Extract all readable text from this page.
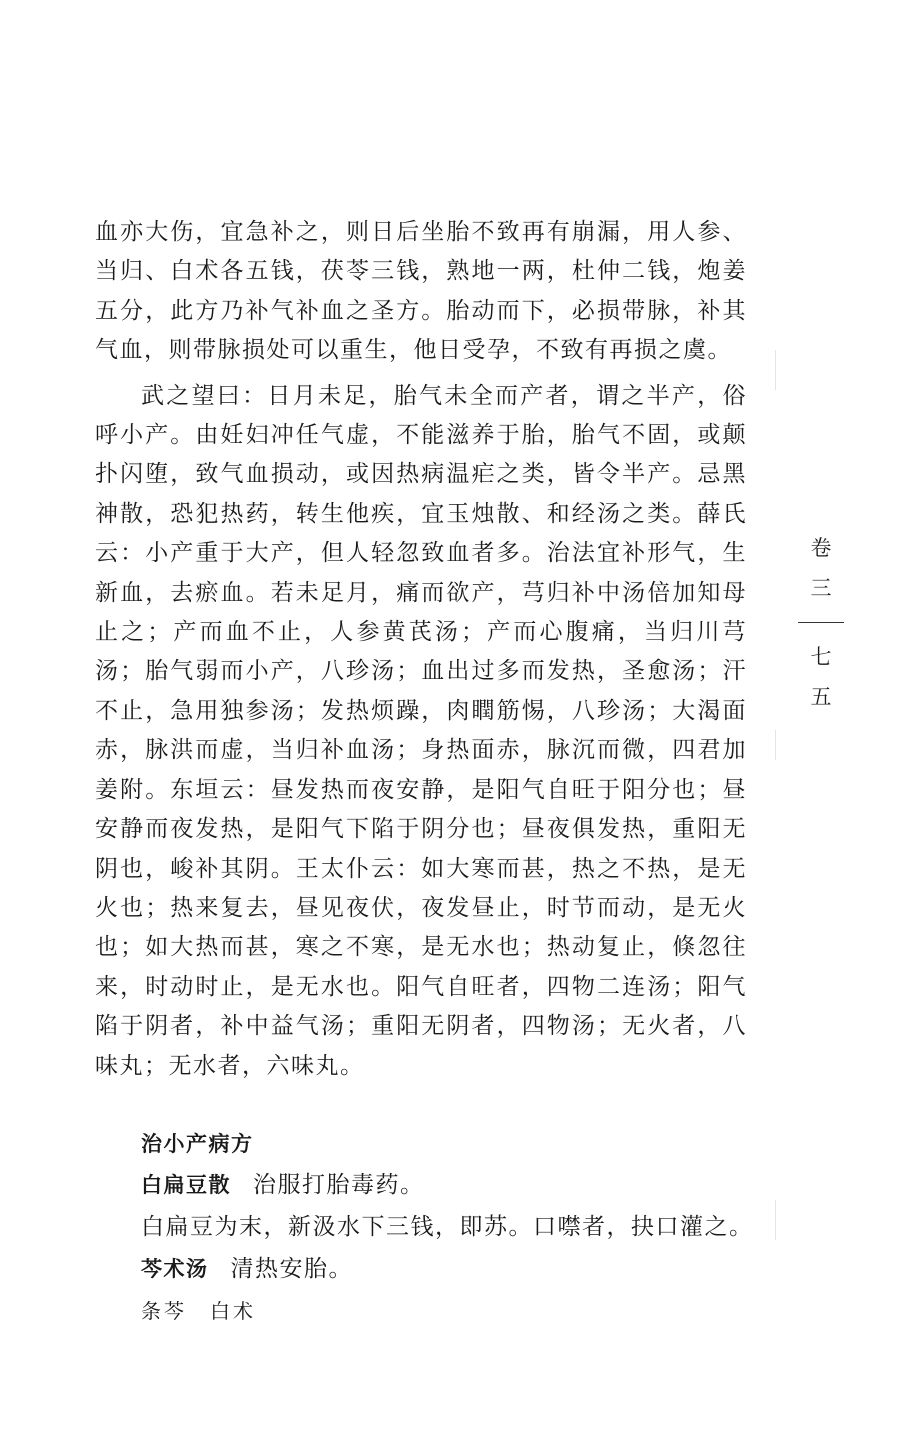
血亦大伤，宜急补之，则日后坐胎不致再有崩漏，用人参、当归、白术各五钱，茯苓三钱，熟地一两，杜仲二钱，炮姜五分，此方乃补气补血之圣方。胎动而下，必损带脉，补其气血，则带脉损处可以重生，他日受孕，不致有再损之虞。

武之望曰：日月未足，胎气未全而产者，谓之半产，俗呼小产。由妊妇冲任气虚，不能滋养于胎，胎气不固，或颠扑闪堕，致气血损动，或因热病温疟之类，皆令半产。忌黑神散，恐犯热药，转生他疾，宜玉烛散、和经汤之类。薛氏云：小产重于大产，但人轻忽致血者多。治法宜补形气，生新血，去瘀血。若未足月，痛而欲产，芎归补中汤倍加知母止之；产而血不止，人参黄芪汤；产而心腹痛，当归川芎汤；胎气弱而小产，八珍汤；血出过多而发热，圣愈汤；汗不止，急用独参汤；发热烦躁，肉瞤筋惕，八珍汤；大渴面赤，脉洪而虚，当归补血汤；身热面赤，脉沉而微，四君加姜附。东垣云：昼发热而夜安静，是阳气自旺于阳分也；昼安静而夜发热，是阳气下陷于阴分也；昼夜俱发热，重阳无阴也，峻补其阴。王太仆云：如大寒而甚，热之不热，是无火也；热来复去，昼见夜伏，夜发昼止，时节而动，是无火也；如大热而甚，寒之不寒，是无水也；热动复止，倏忽往来，时动时止，是无水也。阳气自旺者，四物二连汤；阳气陷于阴者，补中益气汤；重阳无阴者，四物汤；无火者，八味丸；无水者，六味丸。

治小产病方

白扁豆散 治服打胎毒药。

白扁豆为末，新汲水下三钱，即苏。口噤者，抉口灌之。

芩术汤 清热安胎。

条芩　白术

卷
三
七
五
